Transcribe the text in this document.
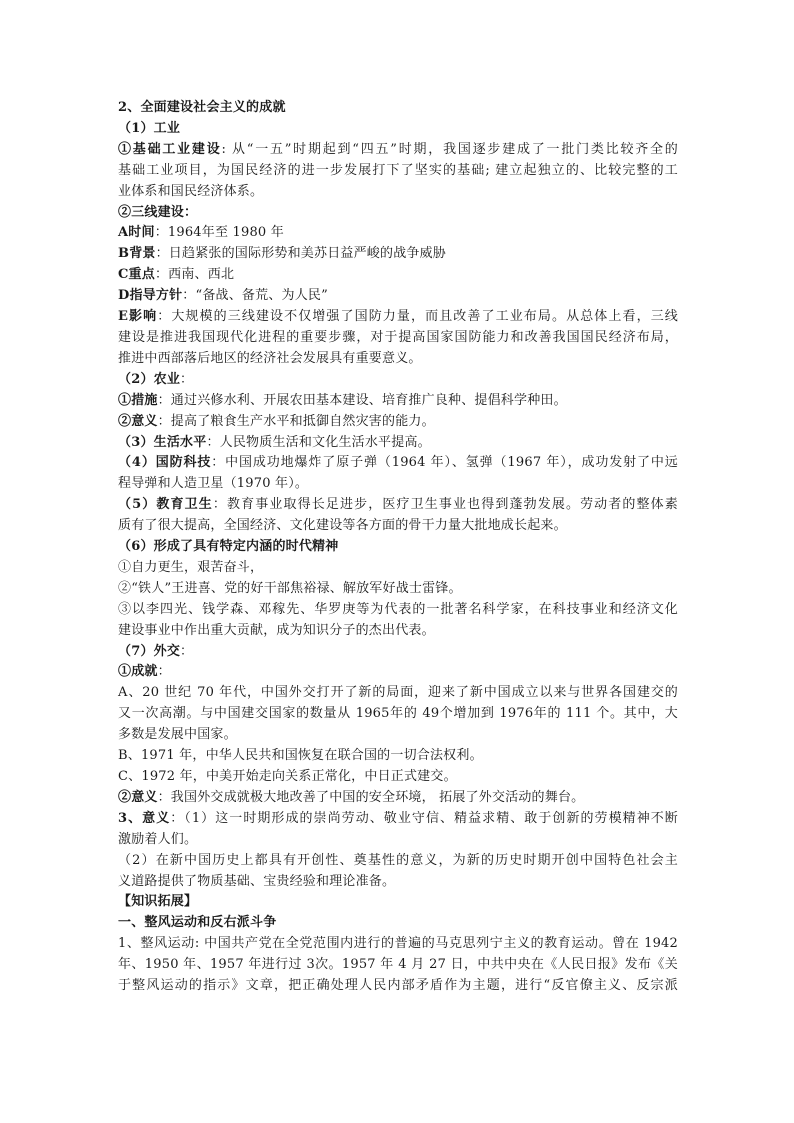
2、全面建设社会主义的成就

（1）工业

①基础工业建设: 从“一五”时期起到“四五”时期，我国逐步建成了一批门类比较齐全的

基础工业项目，为国民经济的进一步发展打下了坚实的基础; 建立起独立的、比较完整的工

业体系和国民经济体系。

②三线建设：

A时间：1964年至 1980 年

B背景：日趋紧张的国际形势和美苏日益严峻的战争威胁

C重点：西南、西北

D指导方针：“备战、备荒、为人民”

E影响：大规模的三线建设不仅增强了国防力量，而且改善了工业布局。从总体上看，三线

建设是推进我国现代化进程的重要步骤，对于提高国家国防能力和改善我国国民经济布局，

推进中西部落后地区的经济社会发展具有重要意义。

（2）农业：

①措施：通过兴修水利、开展农田基本建设、培育推广良种、提倡科学种田。

②意义：提高了粮食生产水平和抵御自然灾害的能力。

（3）生活水平：人民物质生活和文化生活水平提高。

（4）国防科技：中国成功地爆炸了原子弹（1964 年）、氢弹（1967 年），成功发射了中远

程导弹和人造卫星（1970 年）。

（5）教育卫生：教育事业取得长足进步，医疗卫生事业也得到蓬勃发展。劳动者的整体素

质有了很大提高，全国经济、文化建设等各方面的骨干力量大批地成长起来。

（6）形成了具有特定内涵的时代精神

①自力更生，艰苦奋斗，

②“铁人”王进喜、党的好干部焦裕禄、解放军好战士雷锋。

③以李四光、钱学森、邓稼先、华罗庚等为代表的一批著名科学家，在科技事业和经济文化

建设事业中作出重大贡献，成为知识分子的杰出代表。

（7）外交：

①成就：

A、20 世纪 70 年代，中国外交打开了新的局面，迎来了新中国成立以来与世界各国建交的

又一次高潮。与中国建交国家的数量从 1965年的 49个增加到 1976年的 111 个。其中，大

多数是发展中国家。

B、1971 年，中华人民共和国恢复在联合国的一切合法权利。

C、1972 年，中美开始走向关系正常化，中日正式建交。

②意义：我国外交成就极大地改善了中国的安全环境， 拓展了外交活动的舞台。

3、意义：（1）这一时期形成的崇尚劳动、敬业守信、精益求精、敢于创新的劳模精神不断

激励着人们。

（2）在新中国历史上都具有开创性、奠基性的意义，为新的历史时期开创中国特色社会主

义道路提供了物质基础、宝贵经验和理论准备。

【知识拓展】

一、整风运动和反右派斗争

1、整风运动: 中国共产党在全党范围内进行的普遍的马克思列宁主义的教育运动。曾在 1942

年、1950 年、1957 年进行过 3次。1957 年 4 月 27 日，中共中央在《人民日报》发布《关

于整风运动的指示》文章，把正确处理人民内部矛盾作为主题，进行“反官僚主义、反宗派
